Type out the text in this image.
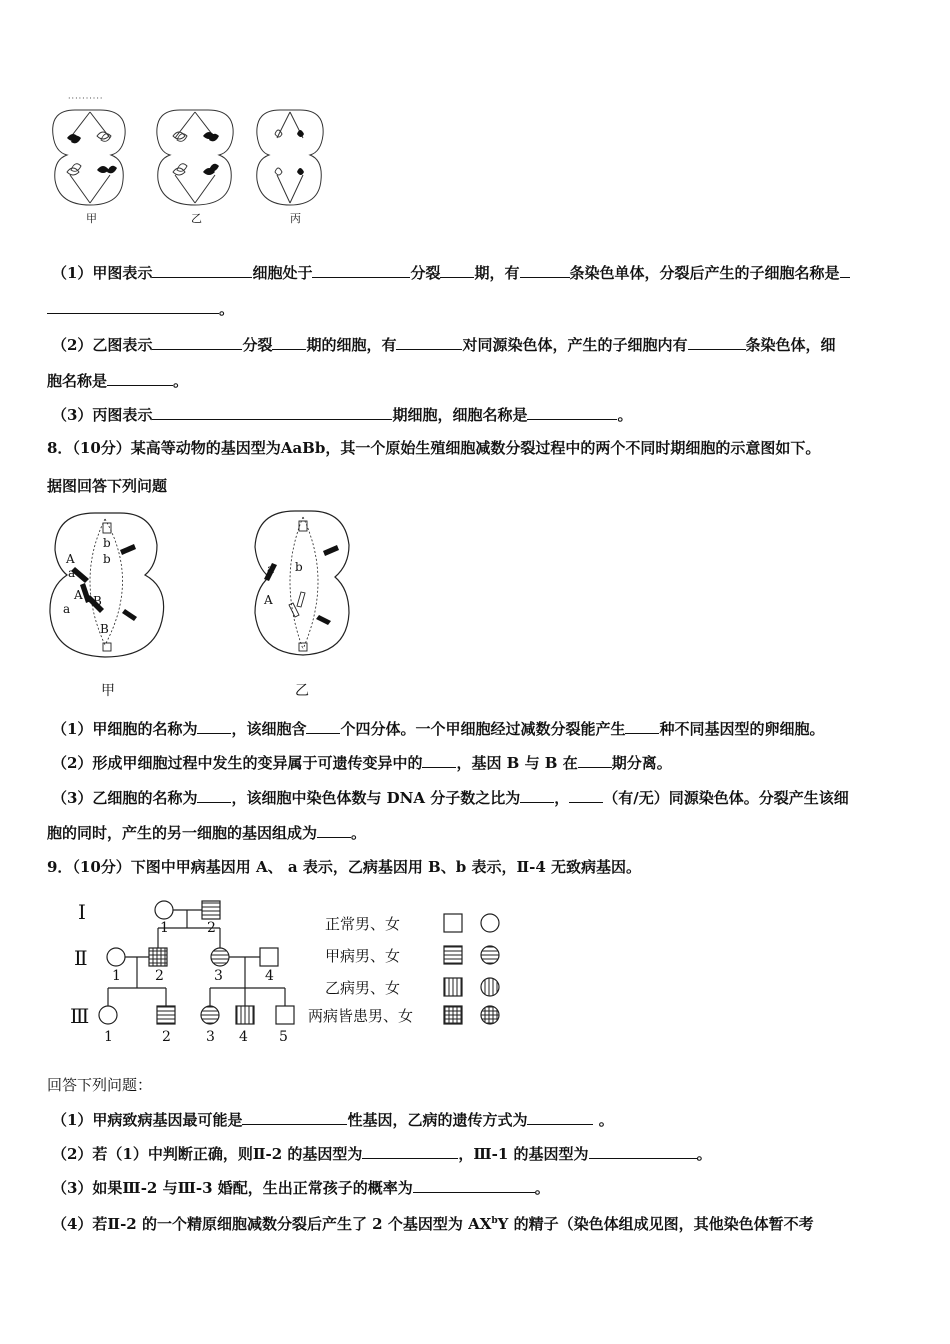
··········
甲	乙	丙
（1）甲图表示	细胞处于	分裂 期，有	条染色单体，分裂后产生的子细胞名称是
。
（2）乙图表示	分裂 期的细胞，有	对同源染色体，产生的子细胞内有	条染色体，细
胞名称是	。
（3）丙图表示	期细胞，细胞名称是	。
8．（10分）某高等动物的基因型为AaBb，其一个原始生殖细胞减数分裂过程中的两个不同时期细胞的示意图如下。
据图回答下列问题
A
a
b
b
A
a
B
B
a b
A
甲	乙
（1）甲细胞的名称为 ，该细胞含 个四分体。一个甲细胞经过减数分裂能产生 种不同基因型的卵细胞。
（2）形成甲细胞过程中发生的变异属于可遗传变异中的 ，基因 B 与 B 在 期分离。
（3）乙细胞的名称为 ，该细胞中染色体数与 DNA 分子数之比为 ， （有/无）同源染色体。分裂产生该细
胞的同时，产生的另一细胞的基因组成为 。
9．（10分）下图中甲病基因用 A、 a 表示，乙病基因用 B、b 表示，Ⅱ-4 无致病基因。
Ⅰ
Ⅱ
Ⅲ
1	2
1 2	3	4
1	2	3 4 5
正常男、女
甲病男、女
乙病男、女
两病皆患男、女
回答下列问题：
（1）甲病致病基因最可能是	性基因，乙病的遗传方式为	。
（2）若（1）中判断正确，则Ⅱ-2 的基因型为	，Ⅲ-1 的基因型为	。
（3）如果Ⅲ-2 与Ⅲ-3 婚配，生出正常孩子的概率为	。
（4）若Ⅱ-2 的一个精原细胞减数分裂后产生了 2 个基因型为 $AX^bY$ 的精子（染色体组成见图，其他染色体暂不考
